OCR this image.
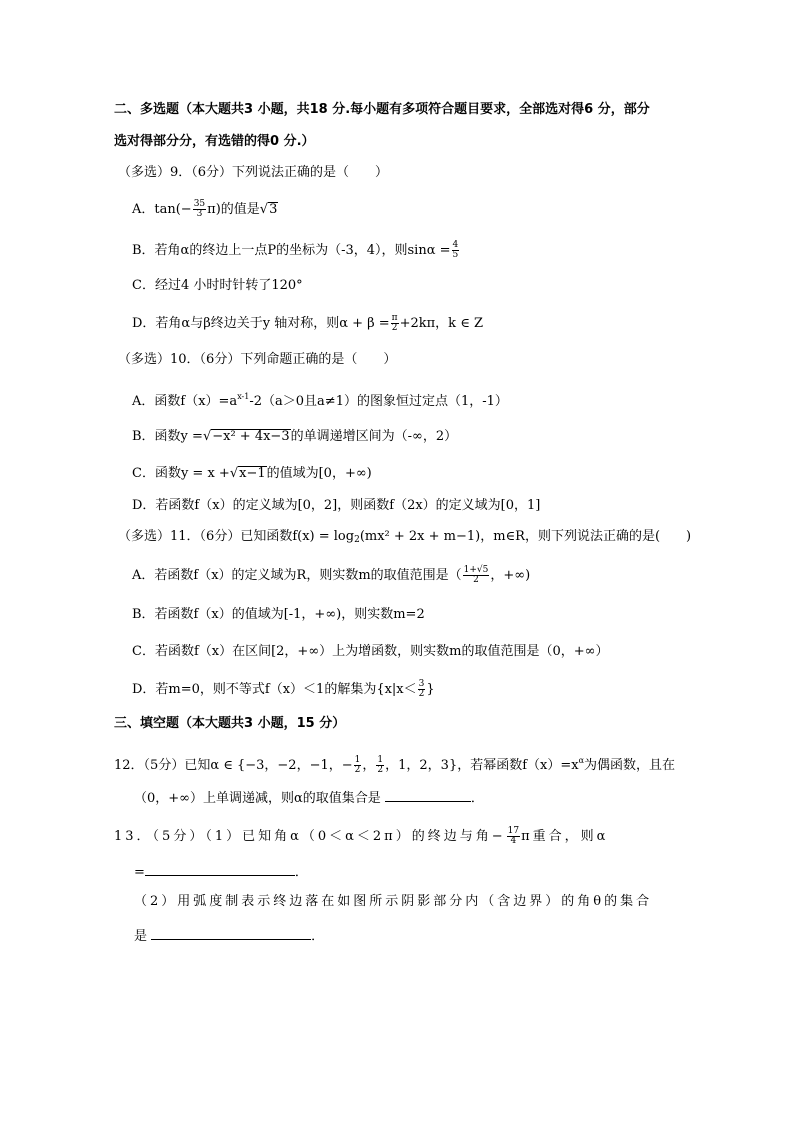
二、多选题（本大题共3 小题，共18 分.每小题有多项符合题目要求，全部选对得6 分，部分
选对得部分分，有选错的得0 分.）
（多选）9．（6分）下列说法正确的是（　　）
A．$\tan(- \frac{35}{3} \pi)$的值是√3
B．若角α的终边上一点P的坐标为（-3，4），则$\sin\alpha = \frac{4}{5}$
C．经过4 小时时针转了120°
D．若角α与β终边关于y 轴对称，则$\alpha + \beta = \frac{\pi}{2} +2k\pi$，k ∈ Z
（多选）10．（6分）下列命题正确的是（　　）
A．函数$f(x)=a^{x-1}-2(a>0$且a≠1）的图象恒过定点（1，-1）
B．函数y =√−x² + 4x−3的单调递增区间为（-∞，2）
C．函数y = x +√x−1的值域为[0，+∞)
D．若函数f（x）的定义域为[0，2]，则函数f（2x）的定义域为[0，1]
（多选）11．（6分）已知函数$f(x) = \log_2(mx^2 + 2x + m-1)$，m∈R，则下列说法正确的是(　　)
A．若函数f（x）的定义域为R，则实数m的取值范围是（ $\frac{1+√5}{2}$ ，+∞)
B．若函数f（x）的值域为[-1，+∞)，则实数m=2
C．若函数f（x）在区间[2，+∞）上为增函数，则实数m的取值范围是（0，+∞）
D．若m=0，则不等式f（x）＜1的解集为{$x|x< \frac{3}{2}$ }
三、填空题（本大题共3 小题，15 分）
12．（5分）已知α ∈ {−3，−2，−1，− $\frac{1}{2}$ ， $\frac{1}{2}$ ，1，2，3}，若幂函数$f(x)=x^\alpha$为偶函数，且在
（0，+∞）上单调递减，则α的取值集合是	．
13．（5分）（1）已知角α（0＜α＜2π）的终边与角− $\frac{17}{4}$ π重合，则α
=	．
（2）用弧度制表示终边落在如图所示阴影部分内（含边界）的角θ的集合
是	．
